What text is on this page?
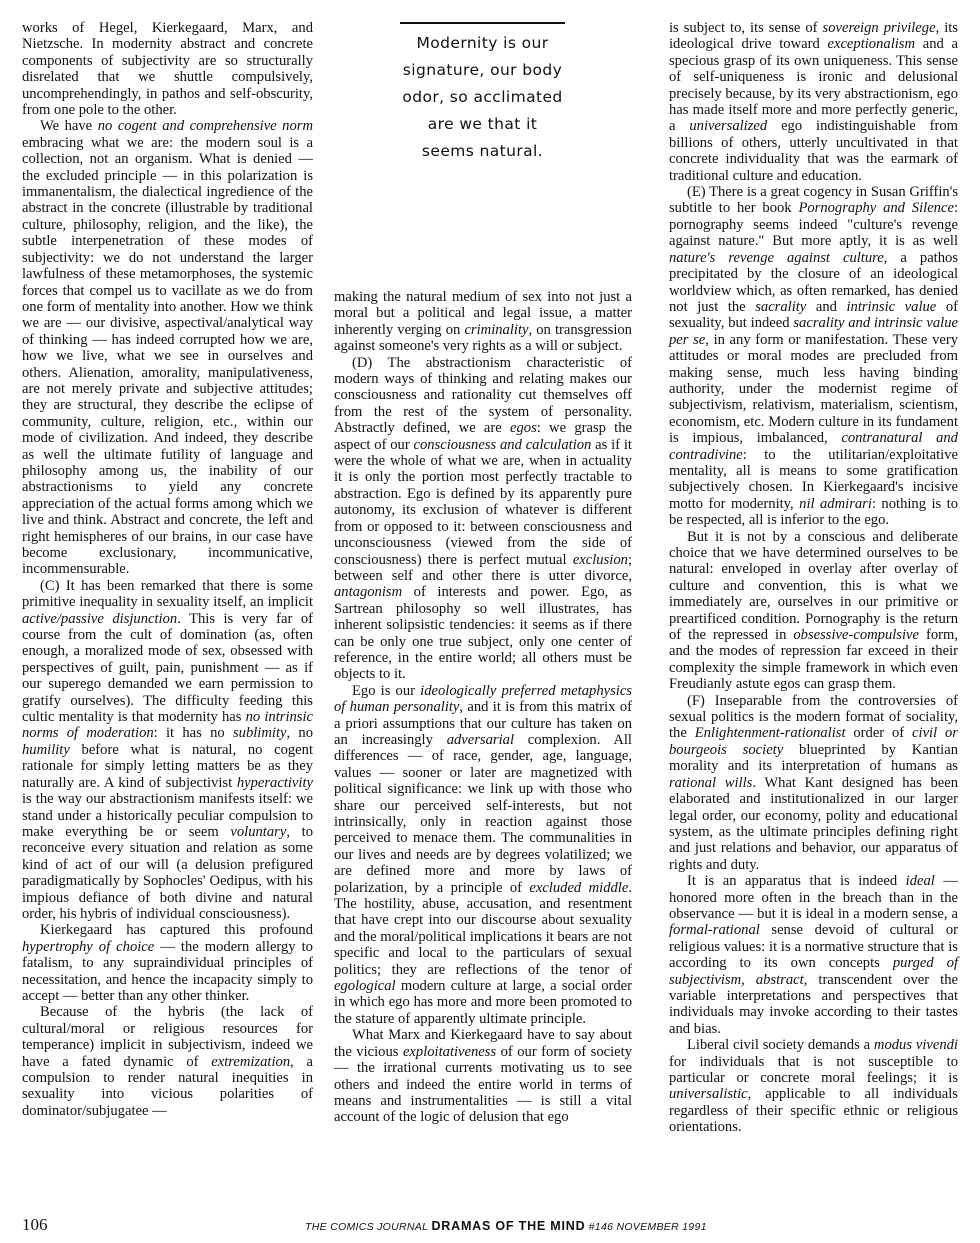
works of Hegel, Kierkegaard, Marx, and Nietzsche. In modernity abstract and concrete components of subjectivity are so structurally disrelated that we shuttle compulsively, uncomprehendingly, in pathos and self-obscurity, from one pole to the other.

We have no cogent and comprehensive norm embracing what we are: the modern soul is a collection, not an organism. What is denied — the excluded principle — in this polarization is immanentalism, the dialectical ingredience of the abstract in the concrete (illustrable by traditional culture, philosophy, religion, and the like), the subtle interpenetration of these modes of subjectivity: we do not understand the larger lawfulness of these metamorphoses, the systemic forces that compel us to vacillate as we do from one form of mentality into another. How we think we are — our divisive, aspectival/analytical way of thinking — has indeed corrupted how we are, how we live, what we see in ourselves and others. Alienation, amorality, manipulativeness, are not merely private and subjective attitudes; they are structural, they describe the eclipse of community, culture, religion, etc., within our mode of civilization. And indeed, they describe as well the ultimate futility of language and philosophy among us, the inability of our abstractionisms to yield any concrete appreciation of the actual forms among which we live and think. Abstract and concrete, the left and right hemispheres of our brains, in our case have become exclusionary, incommunicative, incommensurable.

(C) It has been remarked that there is some primitive inequality in sexuality itself, an implicit active/passive disjunction. This is very far of course from the cult of domination (as, often enough, a moralized mode of sex, obsessed with perspectives of guilt, pain, punishment — as if our superego demanded we earn permission to gratify ourselves). The difficulty feeding this cultic mentality is that modernity has no intrinsic norms of moderation: it has no sublimity, no humility before what is natural, no cogent rationale for simply letting matters be as they naturally are. A kind of subjectivist hyperactivity is the way our abstractionism manifests itself: we stand under a historically peculiar compulsion to make everything be or seem voluntary, to reconceive every situation and relation as some kind of act of our will (a delusion prefigured paradigmatically by Sophocles' Oedipus, with his impious defiance of both divine and natural order, his hybris of individual consciousness).

Kierkegaard has captured this profound hypertrophy of choice — the modern allergy to fatalism, to any supraindividual principles of necessitation, and hence the incapacity simply to accept — better than any other thinker.

Because of the hybris (the lack of cultural/moral or religious resources for temperance) implicit in subjectivism, indeed we have a fated dynamic of extremization, a compulsion to render natural inequities in sexuality into vicious polarities of dominator/subjugatee —

Modernity is our signature, our body odor, so acclimated are we that it seems natural.

making the natural medium of sex into not just a moral but a political and legal issue, a matter inherently verging on criminality, on transgression against someone's very rights as a will or subject.

(D) The abstractionism characteristic of modern ways of thinking and relating makes our consciousness and rationality cut themselves off from the rest of the system of personality. Abstractly defined, we are egos: we grasp the aspect of our consciousness and calculation as if it were the whole of what we are, when in actuality it is only the portion most perfectly tractable to abstraction. Ego is defined by its apparently pure autonomy, its exclusion of whatever is different from or opposed to it: between consciousness and unconsciousness (viewed from the side of consciousness) there is perfect mutual exclusion; between self and other there is utter divorce, antagonism of interests and power. Ego, as Sartrean philosophy so well illustrates, has inherent solipsistic tendencies: it seems as if there can be only one true subject, only one center of reference, in the entire world; all others must be objects to it.

Ego is our ideologically preferred metaphysics of human personality, and it is from this matrix of a priori assumptions that our culture has taken on an increasingly adversarial complexion. All differences — of race, gender, age, language, values — sooner or later are magnetized with political significance: we link up with those who share our perceived self-interests, but not intrinsically, only in reaction against those perceived to menace them. The communalities in our lives and needs are by degrees volatilized; we are defined more and more by laws of polarization, by a principle of excluded middle. The hostility, abuse, accusation, and resentment that have crept into our discourse about sexuality and the moral/political implications it bears are not specific and local to the particulars of sexual politics; they are reflections of the tenor of egological modern culture at large, a social order in which ego has more and more been promoted to the stature of apparently ultimate principle.

What Marx and Kierkegaard have to say about the vicious exploitativeness of our form of society — the irrational currents motivating us to see others and indeed the entire world in terms of means and instrumentalities — is still a vital account of the logic of delusion that ego

is subject to, its sense of sovereign privilege, its ideological drive toward exceptionalism and a specious grasp of its own uniqueness. This sense of self-uniqueness is ironic and delusional precisely because, by its very abstractionism, ego has made itself more and more perfectly generic, a universalized ego indistinguishable from billions of others, utterly uncultivated in that concrete individuality that was the earmark of traditional culture and education.

(E) There is a great cogency in Susan Griffin's subtitle to her book Pornography and Silence: pornography seems indeed "culture's revenge against nature." But more aptly, it is as well nature's revenge against culture, a pathos precipitated by the closure of an ideological worldview which, as often remarked, has denied not just the sacrality and intrinsic value of sexuality, but indeed sacrality and intrinsic value per se, in any form or manifestation. These very attitudes or moral modes are precluded from making sense, much less having binding authority, under the modernist regime of subjectivism, relativism, materialism, scientism, economism, etc. Modern culture in its fundament is impious, imbalanced, contranatural and contradivine: to the utilitarian/exploitative mentality, all is means to some gratification subjectively chosen. In Kierkegaard's incisive motto for modernity, nil admirari: nothing is to be respected, all is inferior to the ego.

But it is not by a conscious and deliberate choice that we have determined ourselves to be natural: enveloped in overlay after overlay of culture and convention, this is what we immediately are, ourselves in our primitive or preartificed condition. Pornography is the return of the repressed in obsessive-compulsive form, and the modes of repression far exceed in their complexity the simple framework in which even Freudianly astute egos can grasp them.

(F) Inseparable from the controversies of sexual politics is the modern format of sociality, the Enlightenment-rationalist order of civil or bourgeois society blueprinted by Kantian morality and its interpretation of humans as rational wills. What Kant designed has been elaborated and institutionalized in our larger legal order, our economy, polity and educational system, as the ultimate principles defining right and just relations and behavior, our apparatus of rights and duty.

It is an apparatus that is indeed ideal — honored more often in the breach than in the observance — but it is ideal in a modern sense, a formal-rational sense devoid of cultural or religious values: it is a normative structure that is according to its own concepts purged of subjectivism, abstract, transcendent over the variable interpretations and perspectives that individuals may invoke according to their tastes and bias.

Liberal civil society demands a modus vivendi for individuals that is not susceptible to particular or concrete moral feelings; it is universalistic, applicable to all individuals regardless of their specific ethnic or religious orientations.

106	THE COMICS JOURNAL DRAMAS OF THE MIND #146 NOVEMBER 1991
